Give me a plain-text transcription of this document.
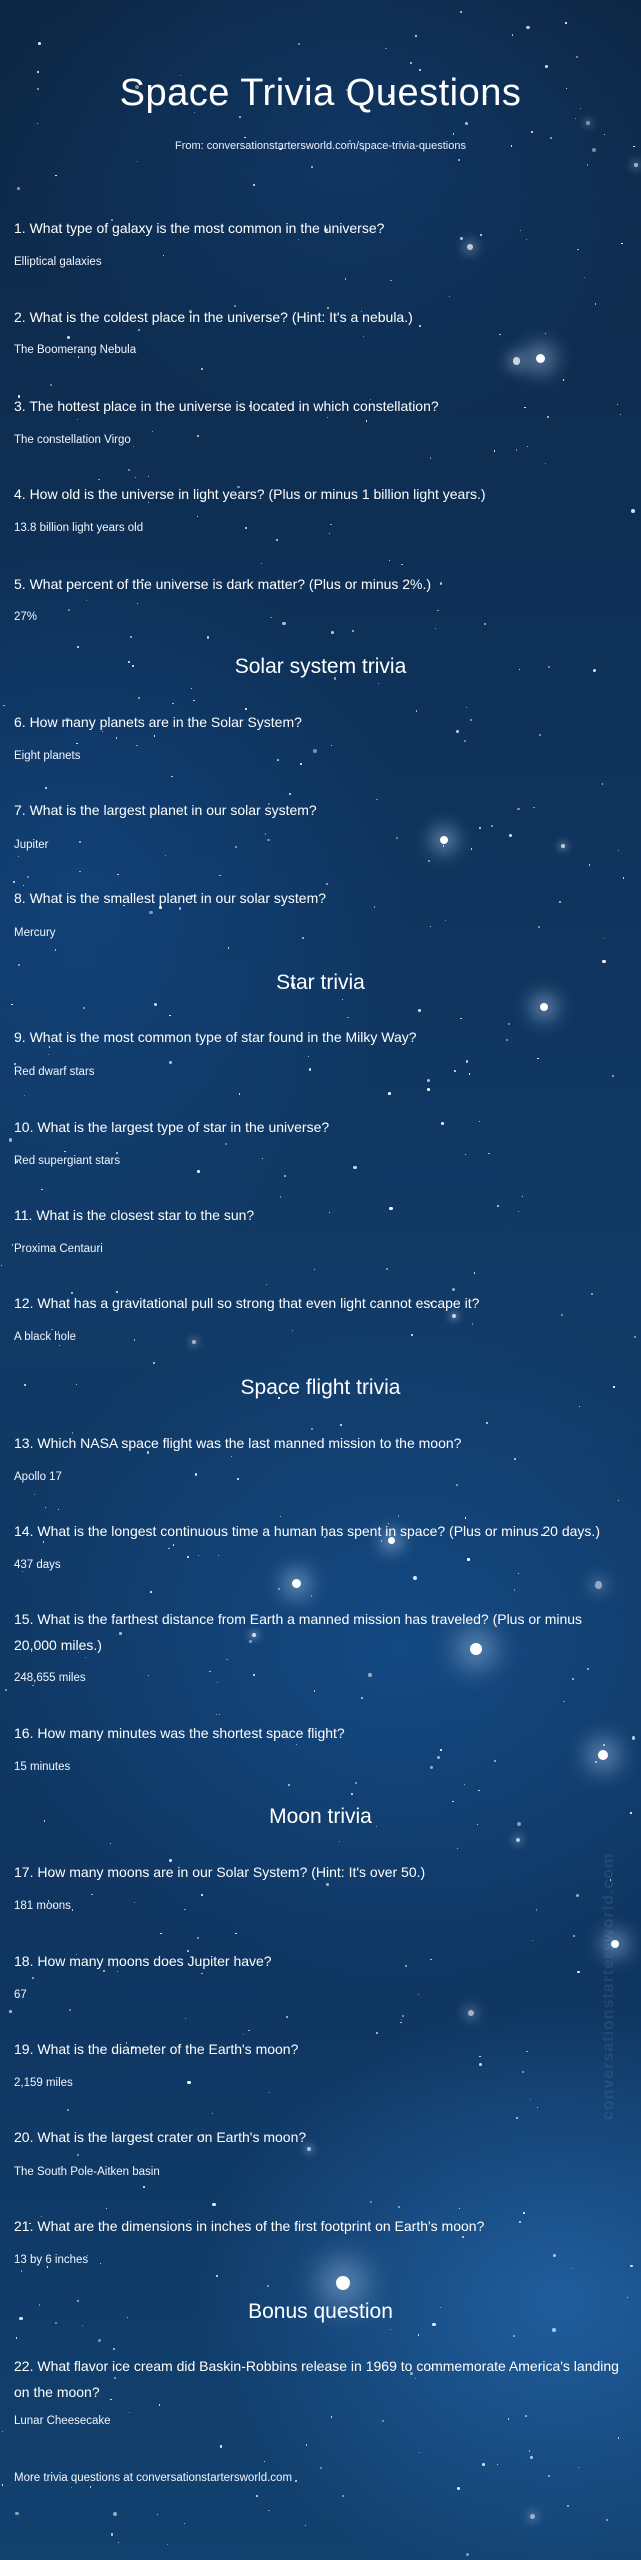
conversationstartersworld.com
Space Trivia Questions
From: conversationstartersworld.com/space-trivia-questions
1. What type of galaxy is the most common in the universe?
Elliptical galaxies
2. What is the coldest place in the universe? (Hint: It's a nebula.)
The Boomerang Nebula
3. The hottest place in the universe is located in which constellation?
The constellation Virgo
4. How old is the universe in light years? (Plus or minus 1 billion light years.)
13.8 billion light years old
5. What percent of the universe is dark matter? (Plus or minus 2%.)
27%
Solar system trivia
6. How many planets are in the Solar System?
Eight planets
7. What is the largest planet in our solar system?
Jupiter
8. What is the smallest planet in our solar system?
Mercury
Star trivia
9. What is the most common type of star found in the Milky Way?
Red dwarf stars
10. What is the largest type of star in the universe?
Red supergiant stars
11. What is the closest star to the sun?
Proxima Centauri
12. What has a gravitational pull so strong that even light cannot escape it?
A black hole
Space flight trivia
13. Which NASA space flight was the last manned mission to the moon?
Apollo 17
14. What is the longest continuous time a human has spent in space? (Plus or minus 20 days.)
437 days
15. What is the farthest distance from Earth a manned mission has traveled? (Plus or minus 20,000 miles.)
248,655 miles
16. How many minutes was the shortest space flight?
15 minutes
Moon trivia
17. How many moons are in our Solar System? (Hint: It's over 50.)
181 moons
18. How many moons does Jupiter have?
67
19. What is the diameter of the Earth's moon?
2,159 miles
20. What is the largest crater on Earth's moon?
The South Pole-Aitken basin
21. What are the dimensions in inches of the first footprint on Earth's moon?
13 by 6 inches
Bonus question
22. What flavor ice cream did Baskin-Robbins release in 1969 to commemorate America's landing on the moon?
Lunar Cheesecake
More trivia questions at conversationstartersworld.com
